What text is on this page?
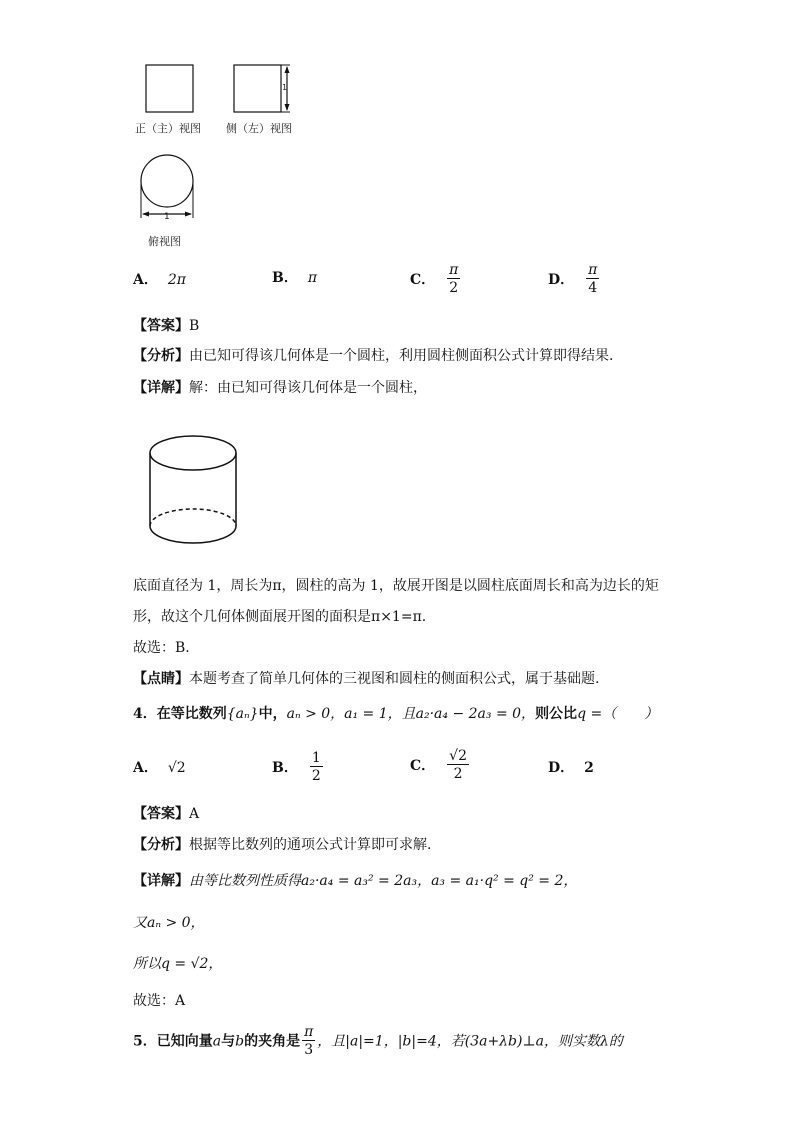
1
1
正（主）视图 侧（左）视图
俯视图
A． 2π	B． π	C． $\frac{\pi}{2}$	D． $\frac{\pi}{4}$
【答案】B
【分析】由已知可得该几何体是一个圆柱，利用圆柱侧面积公式计算即得结果.
【详解】解：由已知可得该几何体是一个圆柱，
底面直径为 1，周长为π，圆柱的高为 1，故展开图是以圆柱底面周长和高为边长的矩
形，故这个几何体侧面展开图的面积是π×1=π.
故选：B.
【点睛】本题考查了简单几何体的三视图和圆柱的侧面积公式，属于基础题.
4．在等比数列{aₙ}中，aₙ > 0，a₁ = 1，且a₂·a₄ − 2a₃ = 0，则公比q =（　　）
A． √2	B． $\frac{1}{2}$	C． $\frac{√2}{2}$	D． 2
【答案】A
【分析】根据等比数列的通项公式计算即可求解.
【详解】由等比数列性质得a₂·a₄ = a₃² = 2a₃，a₃ = a₁·q² = q² = 2，
又aₙ > 0，
所以q = √2，
故选：A
5．已知向量a与b的夹角是 $\frac{\pi}{3}$ ，且|a|=1，|b|=4，若(3a+λb)⊥a，则实数λ的
